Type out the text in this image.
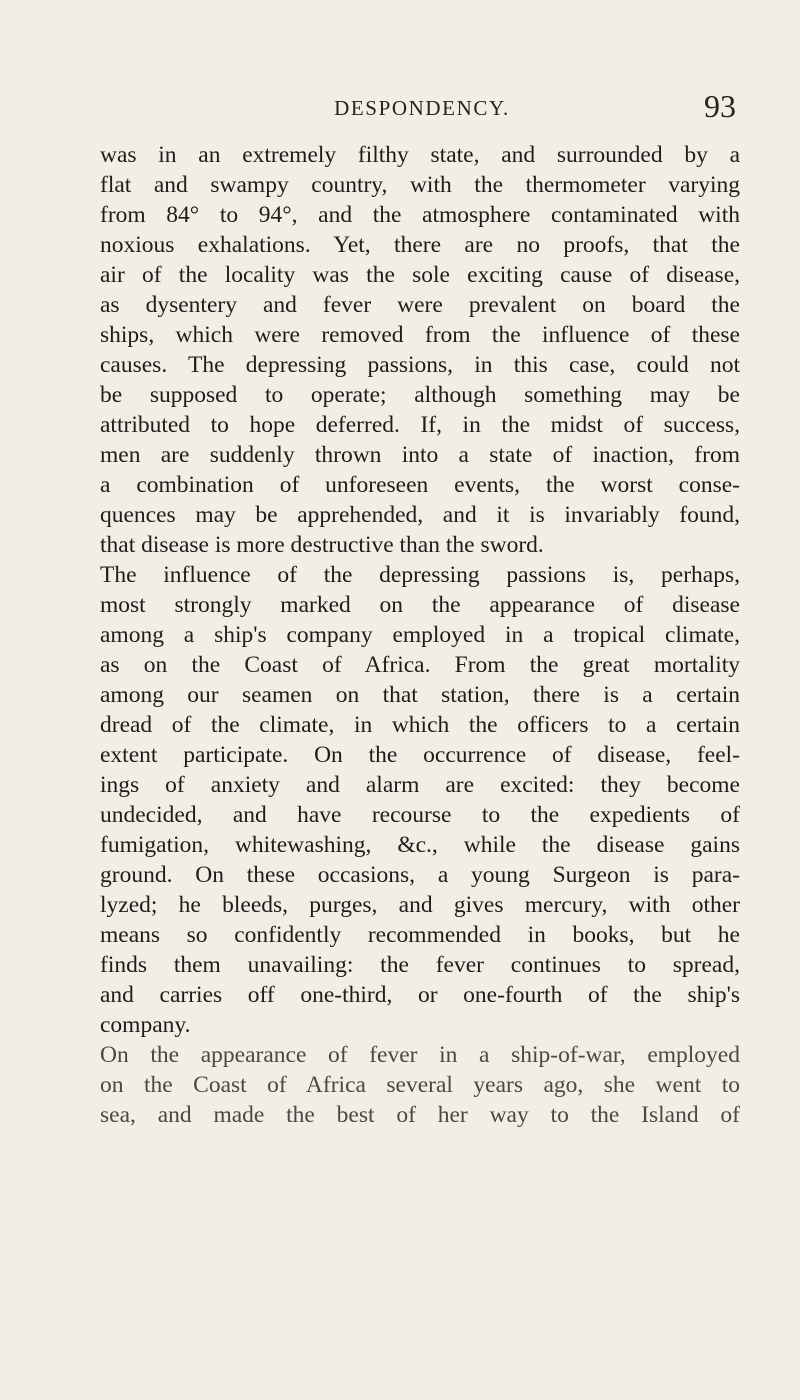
DESPONDENCY.	93
was in an extremely filthy state, and surrounded by a
flat and swampy country, with the thermometer varying
from 84° to 94°, and the atmosphere contaminated with
noxious exhalations. Yet, there are no proofs, that the
air of the locality was the sole exciting cause of disease,
as dysentery and fever were prevalent on board the
ships, which were removed from the influence of these
causes. The depressing passions, in this case, could not
be supposed to operate; although something may be
attributed to hope deferred. If, in the midst of success,
men are suddenly thrown into a state of inaction, from
a combination of unforeseen events, the worst conse-
quences may be apprehended, and it is invariably found,
that disease is more destructive than the sword.
The influence of the depressing passions is, perhaps,
most strongly marked on the appearance of disease
among a ship's company employed in a tropical climate,
as on the Coast of Africa. From the great mortality
among our seamen on that station, there is a certain
dread of the climate, in which the officers to a certain
extent participate. On the occurrence of disease, feel-
ings of anxiety and alarm are excited: they become
undecided, and have recourse to the expedients of
fumigation, whitewashing, &c., while the disease gains
ground. On these occasions, a young Surgeon is para-
lyzed; he bleeds, purges, and gives mercury, with other
means so confidently recommended in books, but he
finds them unavailing: the fever continues to spread,
and carries off one-third, or one-fourth of the ship's
company.
On the appearance of fever in a ship-of-war, employed
on the Coast of Africa several years ago, she went to
sea, and made the best of her way to the Island of
